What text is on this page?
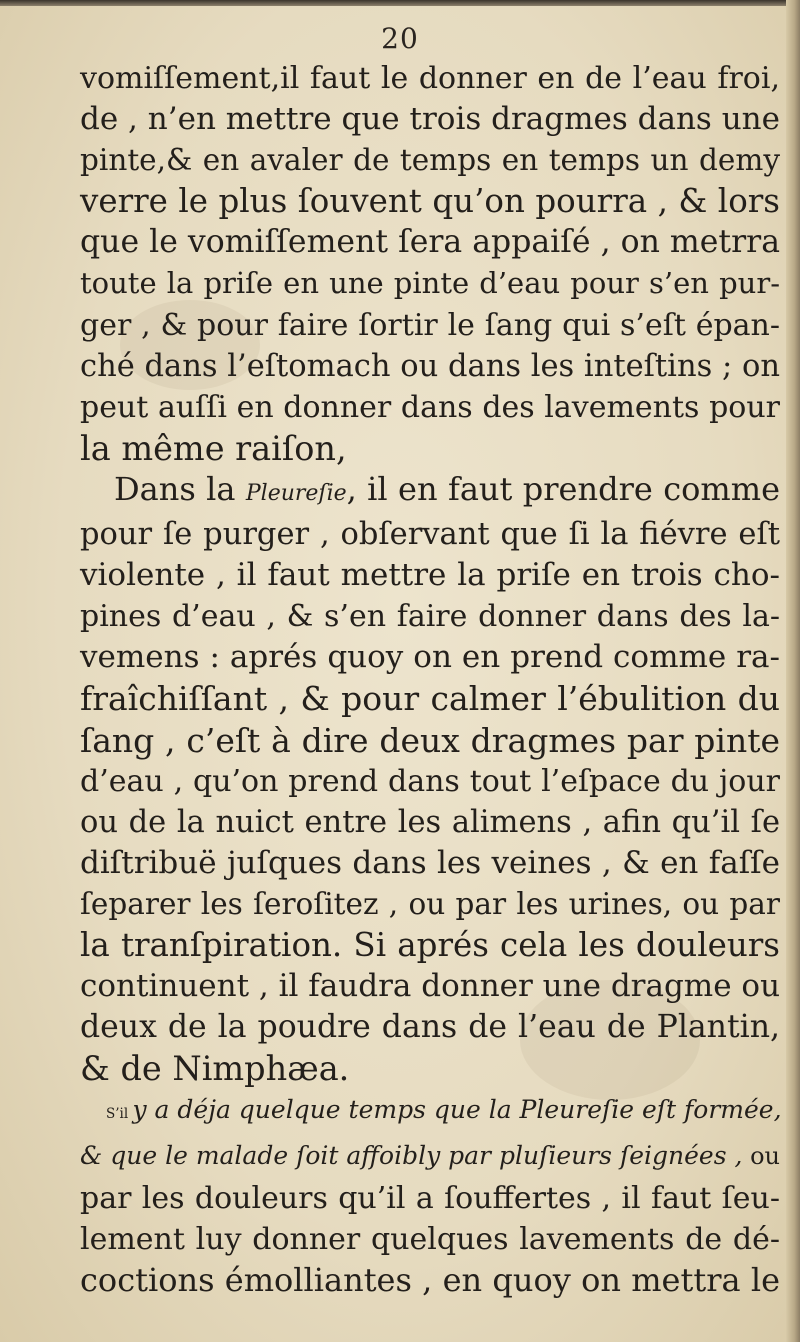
20
vomiſſement,il faut le donner en de l’eau froi,
de , n’en mettre que trois dragmes dans une
pinte,& en avaler de temps en temps un demy
verre le plus ſouvent qu’on pourra , & lors
que le vomiſſement ſera appaiſé , on metrra
toute la priſe en une pinte d’eau pour s’en pur-
ger , & pour faire ſortir le ſang qui s’eſt épan-
ché dans l’eſtomach ou dans les inteſtins ; on
peut auſſi en donner dans des lavements pour
la même raiſon,
Dans la Pleureſie, il en faut prendre comme
pour ſe purger , obſervant que ſi la fiévre eſt
violente , il faut mettre la priſe en trois cho-
pines d’eau , & s’en faire donner dans des la-
vemens : aprés quoy on en prend comme ra-
fraîchiſſant , & pour calmer l’ébulition du
ſang , c’eſt à dire deux dragmes par pinte
d’eau , qu’on prend dans tout l’eſpace du jour
ou de la nuict entre les alimens , afin qu’il ſe
diſtribuë juſques dans les veines , & en faſſe
ſeparer les ſeroſitez , ou par les urines, ou par
la tranſpiration. Si aprés cela les douleurs
continuent , il faudra donner une dragme ou
deux de la poudre dans de l’eau de Plantin,
& de Nimphæa.
S’il y a déja quelque temps que la Pleureſie eſt formée,
& que le malade ſoit affoibly par pluſieurs ſeignées , ou
par les douleurs qu’il a ſouffertes , il faut ſeu-
lement luy donner quelques lavements de dé-
coctions émolliantes , en quoy on mettra le
